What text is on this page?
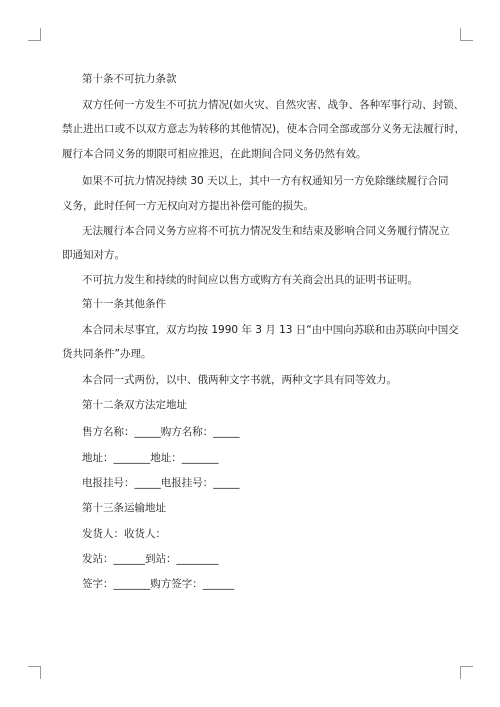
第十条不可抗力条款
双方任何一方发生不可抗力情况(如火灾、自然灾害、战争、各种军事行动、封锁、
禁止进出口或不以双方意志为转移的其他情况)，使本合同全部或部分义务无法履行时，
履行本合同义务的期限可相应推迟，在此期间合同义务仍然有效。
如果不可抗力情况持续 30 天以上，其中一方有权通知另一方免除继续履行合同
义务，此时任何一方无权向对方提出补偿可能的损失。
无法履行本合同义务方应将不可抗力情况发生和结束及影响合同义务履行情况立
即通知对方。
不可抗力发生和持续的时间应以售方或购方有关商会出具的证明书证明。
第十一条其他条件
本合同未尽事宜，双方均按 1990 年 3 月 13 日“由中国向苏联和由苏联向中国交
货共同条件”办理。
本合同一式两份，以中、俄两种文字书就，两种文字具有同等效力。
第十二条双方法定地址
售方名称：_____购方名称：_____
地址：_______地址：_______
电报挂号：_____电报挂号：_____
第十三条运输地址
发货人：收货人：
发站：______到站：________
签字：_______购方签字：______
